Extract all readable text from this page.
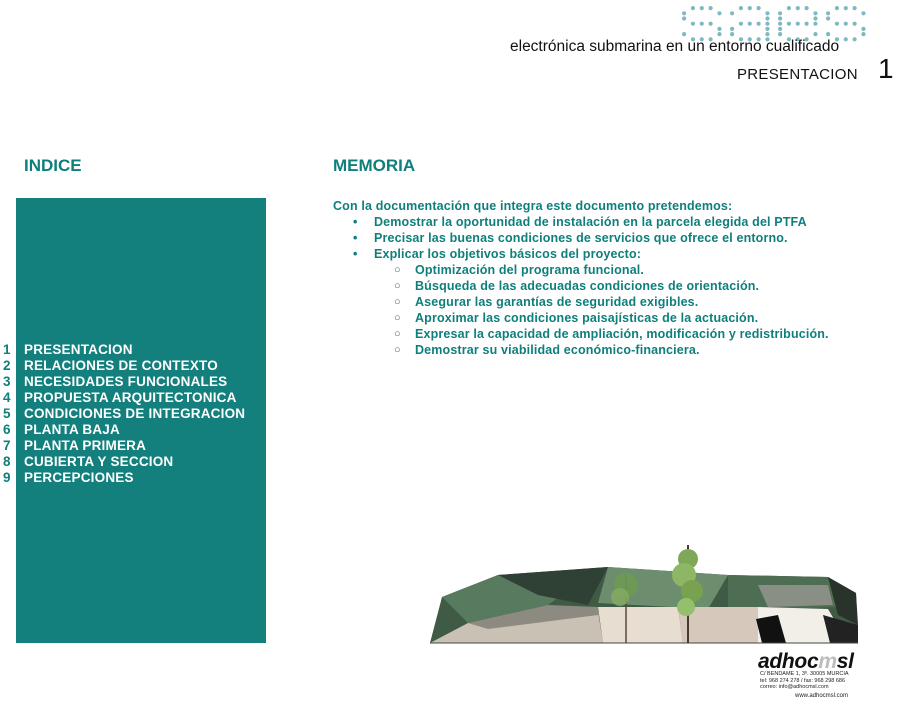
electrónica submarina en un entorno cualificado
PRESENTACION 1
INDICE	MEMORIA
1
2
3
4
5
6
7
8
9
PRESENTACION
RELACIONES DE CONTEXTO
NECESIDADES FUNCIONALES
PROPUESTA ARQUITECTONICA
CONDICIONES DE INTEGRACION
PLANTA BAJA
PLANTA PRIMERA
CUBIERTA Y SECCION
PERCEPCIONES
Con la documentación que integra este documento pretendemos:
• Demostrar la oportunidad de instalación en la parcela elegida del PTFA
• Precisar las buenas condiciones de servicios que ofrece el entorno.
• Explicar los objetivos básicos del proyecto:
○ Optimización del programa funcional.
○ Búsqueda de las adecuadas condiciones de orientación.
○ Asegurar las garantías de seguridad exigibles.
○ Aproximar las condiciones paisajísticas de la actuación.
○ Expresar la capacidad de ampliación, modificación y redistribución.
○ Demostrar su viabilidad económico-financiera.
adhocmsl
C/ BENDAME 1, 3º. 30005 MURCIA
tel: 968 274 278 / fax: 968 298 686
correo: info@adhocmsl.com
www.adhocmsl.com
